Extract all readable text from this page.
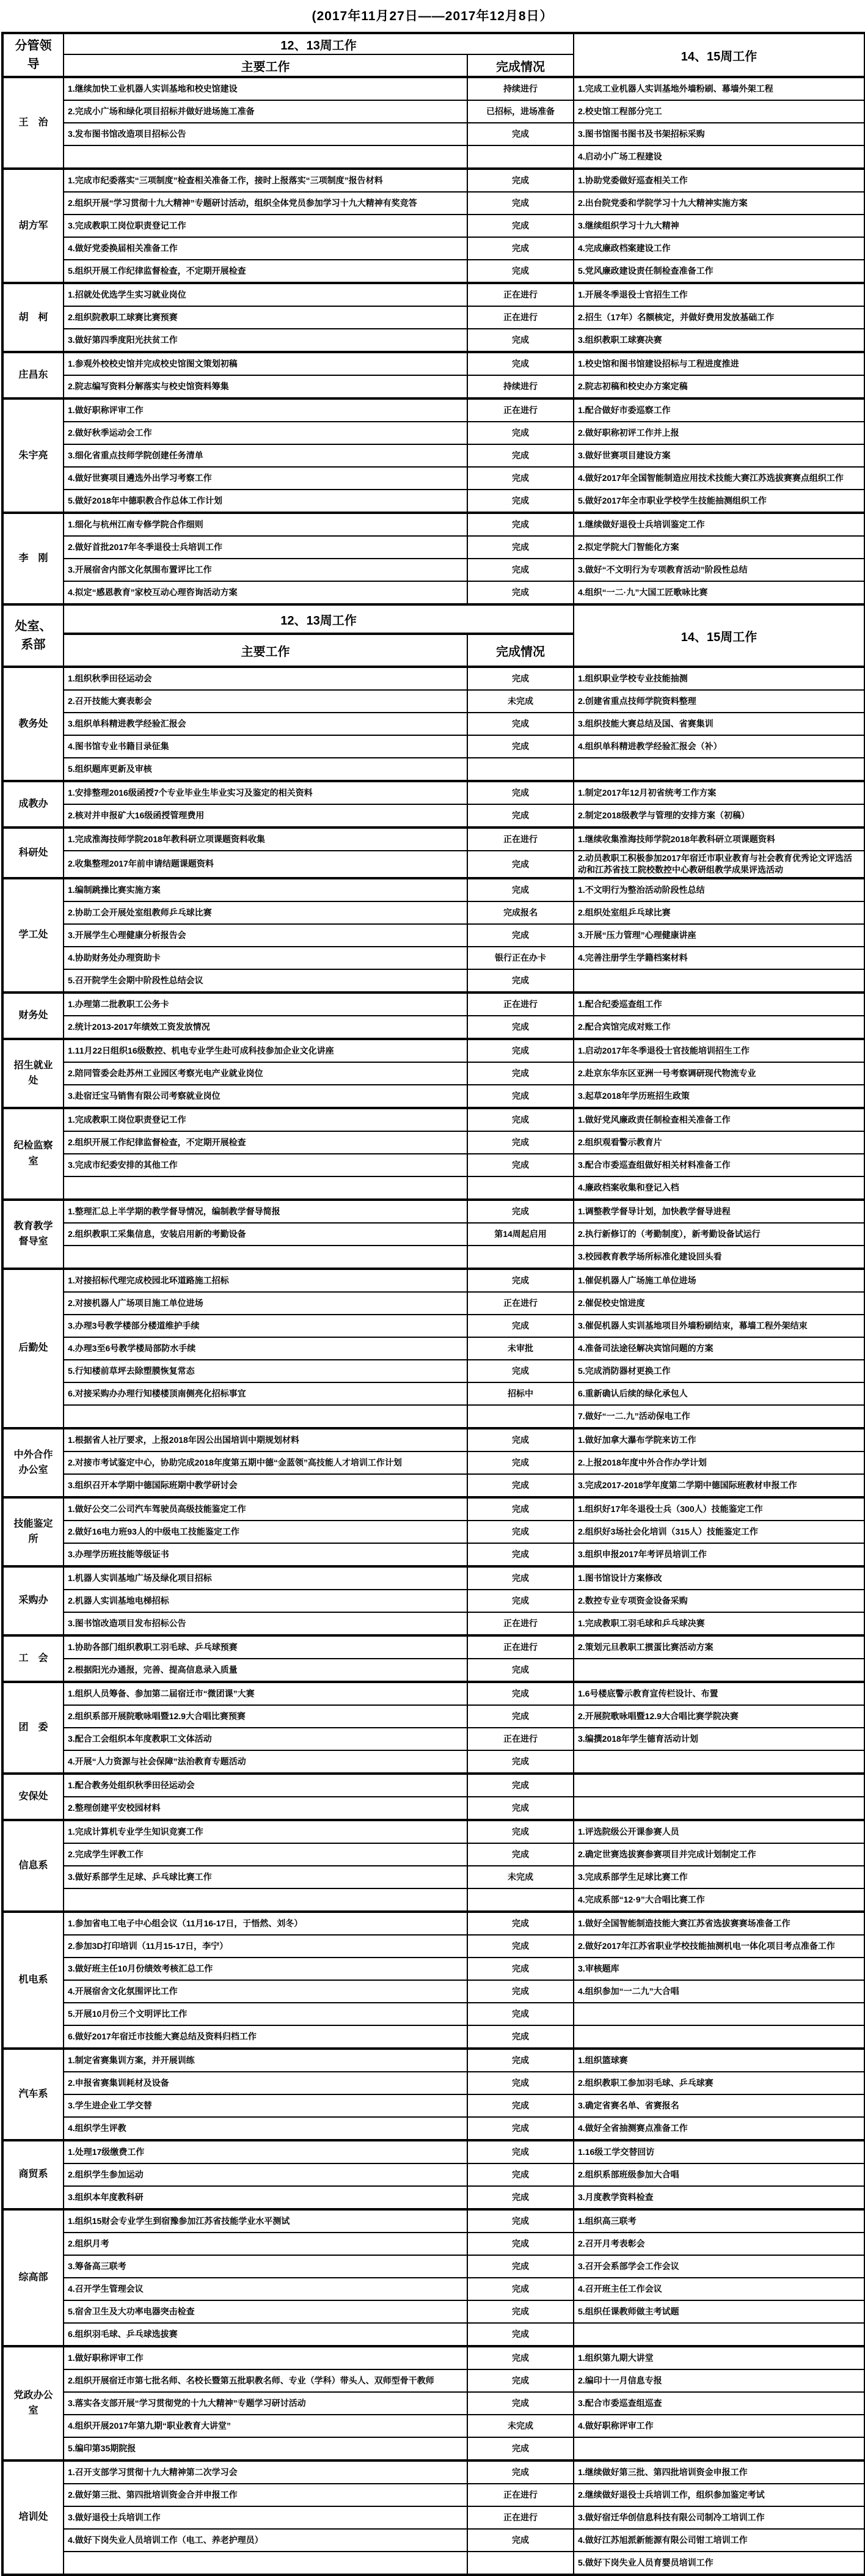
(2017年11月27日——2017年12月8日）
分管领导	12、13周工作		14、15周工作
	主要工作	完成情况	
王　治	1.继续加快工业机器人实训基地和校史馆建设	持续进行	1.完成工业机器人实训基地外墙粉刷、幕墙外架工程
	2.完成小广场和绿化项目招标并做好进场施工准备	已招标，进场准备	2.校史馆工程部分完工
	3.发布图书馆改造项目招标公告	完成	3.图书馆图书图书及书架招标采购
			4.启动小广场工程建设
胡方军	1.完成市纪委落实“三项制度”检查相关准备工作，接时上报落实“三项制度”报告材料	完成	1.协助党委做好巡查相关工作
	2.组织开展“学习贯彻十九大精神”专题研讨活动，组织全体党员参加学习十九大精神有奖竞答	完成	2.出台院党委和学院学习十九大精神实施方案
	3.完成教职工岗位职责登记工作	完成	3.继续组织学习十九大精神
	4.做好党委换届相关准备工作	完成	4.完成廉政档案建设工作
	5.组织开展工作纪律监督检查，不定期开展检查	完成	5.党风廉政建设责任制检查准备工作
胡　柯	1.招就处优选学生实习就业岗位	正在进行	1.开展冬季退役士官招生工作
	2.组织院教职工球赛比赛预赛	正在进行	2.招生（17年）名额核定，并做好费用发放基础工作
	3.做好第四季度阳光扶贫工作	完成	3.组织教职工球赛决赛
庄昌东	1.参观外校校史馆并完成校史馆图文策划初稿	完成	1.校史馆和图书馆建设招标与工程进度推进
	2.院志编写资料分解落实与校史馆资料筹集	持续进行	2.院志初稿和校史办方案定稿
朱宇亮	1.做好职称评审工作	正在进行	1.配合做好市委巡察工作
	2.做好秋季运动会工作	完成	2.做好职称初评工作并上报
	3.细化省重点技师学院创建任务清单	完成	3.做好世赛项目建设方案
	4.做好世赛项目遴选外出学习考察工作	完成	4.做好2017年全国智能制造应用技术技能大赛江苏选拔赛赛点组织工作
	5.做好2018年中德职教合作总体工作计划	完成	5.做好2017年全市职业学校学生技能抽测组织工作
李　刚	1.细化与杭州江南专修学院合作细则	完成	1.继续做好退役士兵培训鉴定工作
	2.做好首批2017年冬季退役士兵培训工作	完成	2.拟定学院大门智能化方案
	3.开展宿舍内部文化氛围布置评比工作	完成	3.做好“不文明行为专项教育活动”阶段性总结
	4.拟定“感恩教育”家校互动心理咨询活动方案	完成	4.组织“一二·九”大国工匠歌咏比赛
处室、系部	12、13周工作		14、15周工作
	主要工作	完成情况	
教务处	1.组织秋季田径运动会	完成	1.组织职业学校专业技能抽测
	2.召开技能大赛表彰会	未完成	2.创建省重点技师学院资料整理
	3.组织单科精进教学经验汇报会	完成	3.组织技能大赛总结及国、省赛集训
	4.图书馆专业书籍目录征集	完成	4.组织单科精进教学经验汇报会（补）
	5.组织题库更新及审核		
成教办	1.安排整理2016级函授7个专业毕业生毕业实习及鉴定的相关资料	完成	1.制定2017年12月初省统考工作方案
	2.核对并申报矿大16级函授管理费用	完成	2.制定2018级教学与管理的安排方案（初稿）
科研处	1.完成淮海技师学院2018年教科研立项课题资料收集	正在进行	1.继续收集淮海技师学院2018年教科研立项课题资料
	2.收集整理2017年前申请结题课题资料	完成	2.动员教职工积极参加2017年宿迁市职业教育与社会教育优秀论文评选活动和江苏省技工院校数控中心教研组教学成果评选活动
学工处	1.编制跳操比赛实施方案	完成	1.不文明行为整治活动阶段性总结
	2.协助工会开展处室组教师乒乓球比赛	完成报名	2.组织处室组乒乓球比赛
	3.开展学生心理健康分析报告会	完成	3.开展“压力管理”心理健康讲座
	4.协助财务处办理资助卡	银行正在办卡	4.完善注册学生学籍档案材料
	5.召开院学生会期中阶段性总结会议	完成	
财务处	1.办理第二批教职工公务卡	正在进行	1.配合纪委巡查组工作
	2.统计2013-2017年绩效工资发放情况	完成	2.配合宾馆完成对账工作
招生就业处	1.11月22日组织16级数控、机电专业学生赴可成科技参加企业文化讲座	完成	1.启动2017年冬季退役士官技能培训招生工作
	2.陪同管委会赴苏州工业园区考察光电产业就业岗位	完成	2.赴京东华东区亚洲一号考察调研现代物流专业
	3.赴宿迁宝马销售有限公司考察就业岗位	完成	3.起草2018年学历班招生政策
纪检监察室	1.完成教职工岗位职责登记工作	完成	1.做好党风廉政责任制检查相关准备工作
	2.组织开展工作纪律监督检查，不定期开展检查	完成	2.组织观看警示教育片
	3.完成市纪委安排的其他工作	完成	3.配合市委巡查组做好相关材料准备工作
			4.廉政档案收集和登记入档
教育教学督导室	1.整理汇总上半学期的教学督导情况，编制教学督导简报	完成	1.调整教学督导计划，加快教学督导进程
	2.组织教职工采集信息，安装启用新的考勤设备	第14周起启用	2.执行新修订的（考勤制度），新考勤设备试运行
			3.校园教育教学场所标准化建设回头看
后勤处	1.对接招标代理完成校园北环道路施工招标	完成	1.催促机器人广场施工单位进场
	2.对接机器人广场项目施工单位进场	正在进行	2.催促校史馆进度
	3.办理3号教学楼部分楼道维护手续	完成	3.催促机器人实训基地项目外墙粉刷结束，幕墙工程外架结束
	4.办理3至6号教学楼局部防水手续	未审批	4.准备司法途径解决宾馆问题的方案
	5.行知楼前草坪去除塑膜恢复常态	完成	5.完成消防器材更换工作
	6.对接采购办办理行知楼楼顶南侧亮化招标事宜	招标中	6.重新确认后续的绿化承包人
			7.做好“一二.九”活动保电工作
中外合作办公室	1.根据省人社厅要求，上报2018年因公出国培训中期规划材料	完成	1.做好加拿大瀑布学院来访工作
	2.对接市考试鉴定中心，协助完成2018年度第五期中德“金蓝领”高技能人才培训工作计划	完成	2.上报2018年度中外合作办学计划
	3.组织召开本学期中德国际班期中教学研讨会	完成	3.完成2017-2018学年度第二学期中德国际班教材申报工作
技能鉴定所	1.做好公交二公司汽车驾驶员高级技能鉴定工作	完成	1.组织好17年冬退役士兵（300人）技能鉴定工作
	2.做好16电力班93人的中级电工技能鉴定工作	完成	2.组织好3场社会化培训（315人）技能鉴定工作
	3.办理学历班技能等级证书	完成	3.组织申报2017年考评员培训工作
采购办	1.机器人实训基地广场及绿化项目招标	完成	1.图书馆设计方案修改
	2.机器人实训基地电梯招标	完成	2.数控专业专项资金设备采购
	3.图书馆改造项目发布招标公告	正在进行	1.完成教职工羽毛球和乒乓球决赛
工　会	1.协助各部门组织教职工羽毛球、乒乓球预赛	正在进行	2.策划元旦教职工掼蛋比赛活动方案
	2.根据阳光办通报，完善、提高信息录入质量	完成	
团　委	1.组织人员筹备、参加第二届宿迁市“微团课”大赛	完成	1.6号楼底警示教育宣传栏设计、布置
	2.组织系部开展院歌咏唱暨12.9大合唱比赛预赛	完成	2.开展院歌咏唱暨12.9大合唱比赛学院决赛
	3.配合工会组织本年度教职工文体活动	正在进行	3.编撰2018年学生德育活动计划
	4.开展“人力资源与社会保障”法治教育专题活动	完成	
安保处	1.配合教务处组织秋季田径运动会	完成	
	2.整理创建平安校园材料	完成	
信息系	1.完成计算机专业学生知识竞赛工作	完成	1.评选院级公开课参赛人员
	2.完成学生评教工作	完成	2.确定世赛选拔赛参赛项目并完成计划制定工作
	3.做好系部学生足球、乒乓球比赛工作	未完成	3.完成系部学生足球比赛工作
			4.完成系部“12·9”大合唱比赛工作
机电系	1.参加省电工电子中心组会议（11月16-17日，于悟然、刘冬）	完成	1.做好全国智能制造技能大赛江苏省选拔赛赛场准备工作
	2.参加3D打印培训（11月15-17日，李宁）	完成	2.做好2017年江苏省职业学校技能抽测机电一体化项目考点准备工作
	3.做好班主任10月份绩效考核汇总工作	完成	3.审核题库
	4.开展宿舍文化氛围评比工作	完成	4.组织参加“一二九”大合唱
	5.开展10月份三个文明评比工作	完成	
	6.做好2017年宿迁市技能大赛总结及资料归档工作	完成	
汽车系	1.制定省赛集训方案，并开展训练	完成	1.组织篮球赛
	2.申报省赛集训耗材及设备	完成	2.组织教职工参加羽毛球、乒乓球赛
	3.学生进企业工学交替	完成	3.确定省赛名单、省赛报名
	4.组织学生评教	完成	4.做好全省抽测赛点准备工作
商贸系	1.处理17级缴费工作	完成	1.16级工学交替回访
	2.组织学生参加运动	完成	2.组织系部班级参加大合唱
	3.组织本年度教科研	完成	3.月度教学资料检查
综高部	1.组织15财会专业学生到宿豫参加江苏省技能学业水平测试	完成	1.组织高三联考
	2.组织月考	完成	2.召开月考表彰会
	3.筹备高三联考	完成	3.召开会系部学会工作会议
	4.召开学生管理会议	完成	4.召开班主任工作会议
	5.宿舍卫生及大功率电器突击检查	完成	5.组织任课教师做主考试题
	6.组织羽毛球、乒乓球选拔赛	完成	
党政办公室	1.做好职称评审工作	完成	1.组织第九期大讲堂
	2.组织开展宿迁市第七批名师、名校长暨第五批职教名师、专业（学科）带头人、双师型骨干教师	完成	2.编印十一月信息专报
	3.落实各支部开展“学习贯彻党的十九大精神”专题学习研讨活动	完成	3.配合市委巡查组巡查
	4.组织开展2017年第九期“职业教育大讲堂”	未完成	4.做好职称评审工作
	5.编印第35期院报	完成	
培训处	1.召开支部学习贯彻十九大精神第二次学习会	完成	1.继续做好第三批、第四批培训资金申报工作
	2.做好第三批、第四批培训资金合并申报工作	正在进行	2.继续做好退役士兵培训工作，组织参加鉴定考试
	3.做好退役士兵培训工作	正在进行	3.做好宿迁华创信息科技有限公司制冷工培训工作
	4.做好下岗失业人员培训工作（电工、养老护理员）	完成	4.做好江苏旭派新能源有限公司钳工培训工作
			5.做好下岗失业人员育婴员培训工作
